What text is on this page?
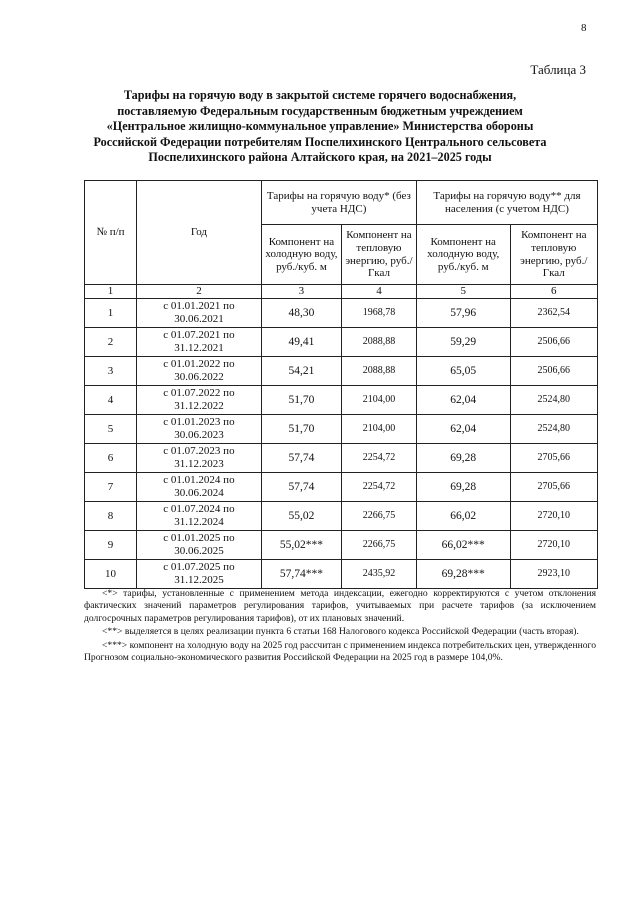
8
Таблица 3
Тарифы на горячую воду в закрытой системе горячего водоснабжения,
поставляемую Федеральным государственным бюджетным учреждением
«Центральное жилищно-коммунальное управление» Министерства обороны
Российской Федерации потребителям Поспелихинского Центрального сельсовета
Поспелихинского района Алтайского края, на 2021–2025 годы
№ п/п	Год	Тарифы на горячую воду* (без учета НДС)		Тарифы на горячую воду** для населения (с учетом НДС)	
		Компонент на холодную воду, руб./куб. м	Компонент на тепловую энергию, руб./Гкал	Компонент на холодную воду, руб./куб. м	Компонент на тепловую энергию, руб./Гкал
1	2	3	4	5	6
1	с 01.01.2021 по 30.06.2021	48,30	1968,78	57,96	2362,54
2	с 01.07.2021 по 31.12.2021	49,41	2088,88	59,29	2506,66
3	с 01.01.2022 по 30.06.2022	54,21	2088,88	65,05	2506,66
4	с 01.07.2022 по 31.12.2022	51,70	2104,00	62,04	2524,80
5	с 01.01.2023 по 30.06.2023	51,70	2104,00	62,04	2524,80
6	с 01.07.2023 по 31.12.2023	57,74	2254,72	69,28	2705,66
7	с 01.01.2024 по 30.06.2024	57,74	2254,72	69,28	2705,66
8	с 01.07.2024 по 31.12.2024	55,02	2266,75	66,02	2720,10
9	с 01.01.2025 по 30.06.2025	55,02***	2266,75	66,02***	2720,10
10	с 01.07.2025 по 31.12.2025	57,74***	2435,92	69,28***	2923,10

<*> тарифы, установленные с применением метода индексации, ежегодно корректируются с учетом отклонения фактических значений параметров регулирования тарифов, учитываемых при расчете тарифов (за исключением долгосрочных параметров регулирования тарифов), от их плановых значений.

<**> выделяется в целях реализации пункта 6 статьи 168 Налогового кодекса Российской Федерации (часть вторая).

<***> компонент на холодную воду на 2025 год рассчитан с применением индекса потребительских цен, утвержденного Прогнозом социально-экономического развития Российской Федерации на 2025 год в размере 104,0%.
